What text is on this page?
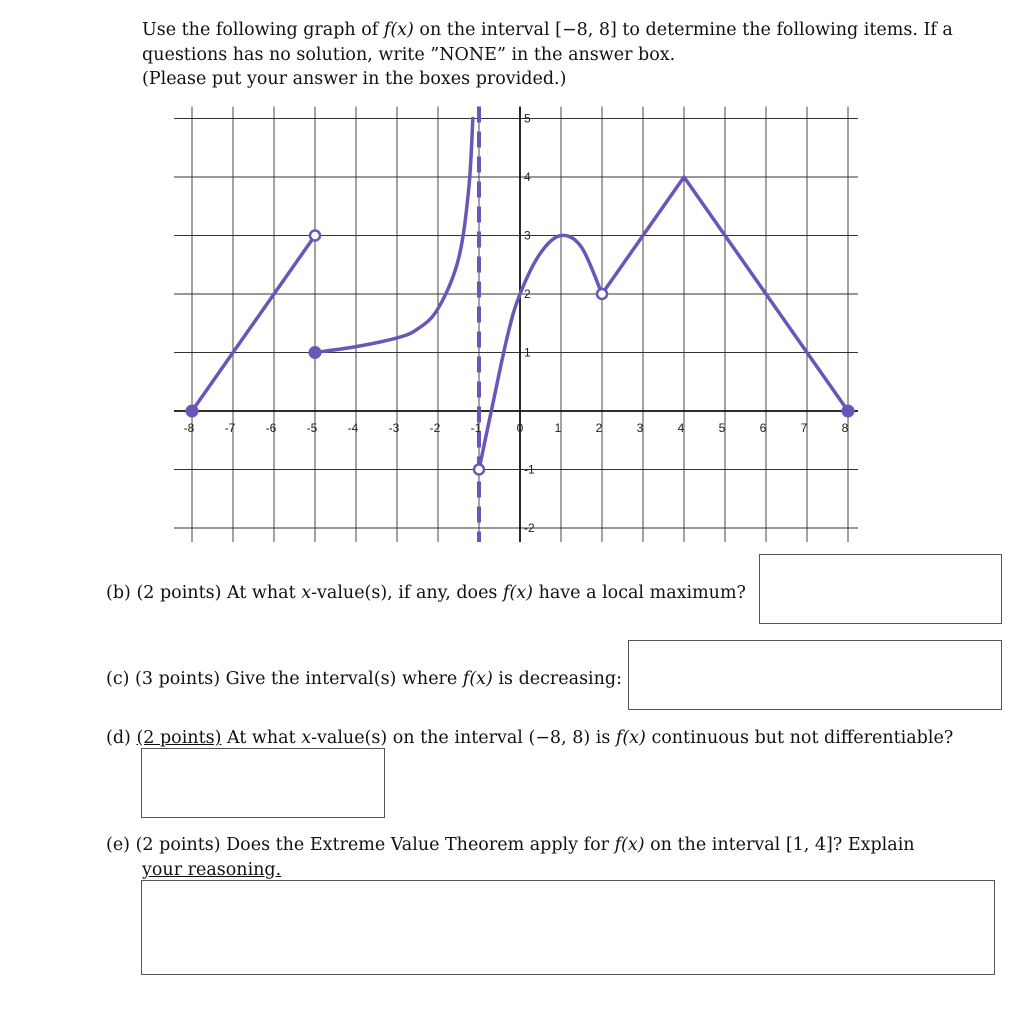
Use the following graph of f(x) on the interval [−8, 8] to determine the following items. If a

questions has no solution, write ”NONE” in the answer box.

(Please put your answer in the boxes provided.)

-8	-7	-6	-5	-4	-3	-2	-1	0	1	2	3	4	5	6	7	8
5
4
3
2
1
-1
-2
(b) (2 points) At what x-value(s), if any, does f(x) have a local maximum?
(c) (3 points) Give the interval(s) where f(x) is decreasing:
(d) (2 points) At what x-value(s) on the interval (−8, 8) is f(x) continuous but not differentiable?
(e) (2 points) Does the Extreme Value Theorem apply for f(x) on the interval [1, 4]? Explain
your reasoning.
